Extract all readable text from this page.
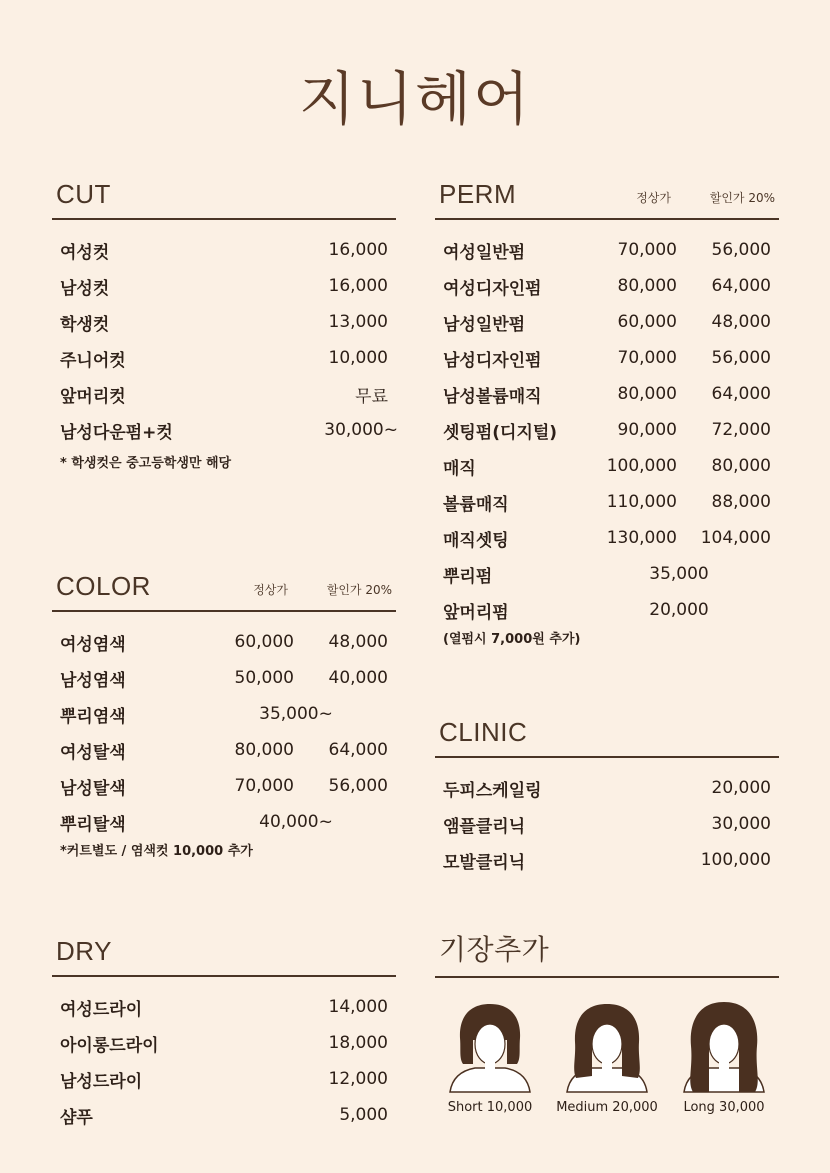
지니헤어
CUT
여성컷	16,000
남성컷	16,000
학생컷	13,000
주니어컷	10,000
앞머리컷	무료
남성다운펌+컷	30,000~
* 학생컷은 중고등학생만 해당
COLOR	정상가	할인가 20%
여성염색	60,000	48,000
남성염색	50,000	40,000
뿌리염색	35,000~
여성탈색	80,000	64,000
남성탈색	70,000	56,000
뿌리탈색	40,000~
*커트별도 / 염색컷 10,000 추가
DRY
여성드라이	14,000
아이롱드라이	18,000
남성드라이	12,000
샴푸	5,000
PERM	정상가	할인가 20%
여성일반펌	70,000	56,000
여성디자인펌	80,000	64,000
남성일반펌	60,000	48,000
남성디자인펌	70,000	56,000
남성볼륨매직	80,000	64,000
셋팅펌(디지털)	90,000	72,000
매직	100,000	80,000
볼륨매직	110,000	88,000
매직셋팅	130,000	104,000
뿌리펌	35,000
앞머리펌	20,000
(열펌시 7,000원 추가)
CLINIC
두피스케일링	20,000
앰플클리닉	30,000
모발클리닉	100,000
기장추가
Short 10,000	Medium 20,000	Long 30,000
